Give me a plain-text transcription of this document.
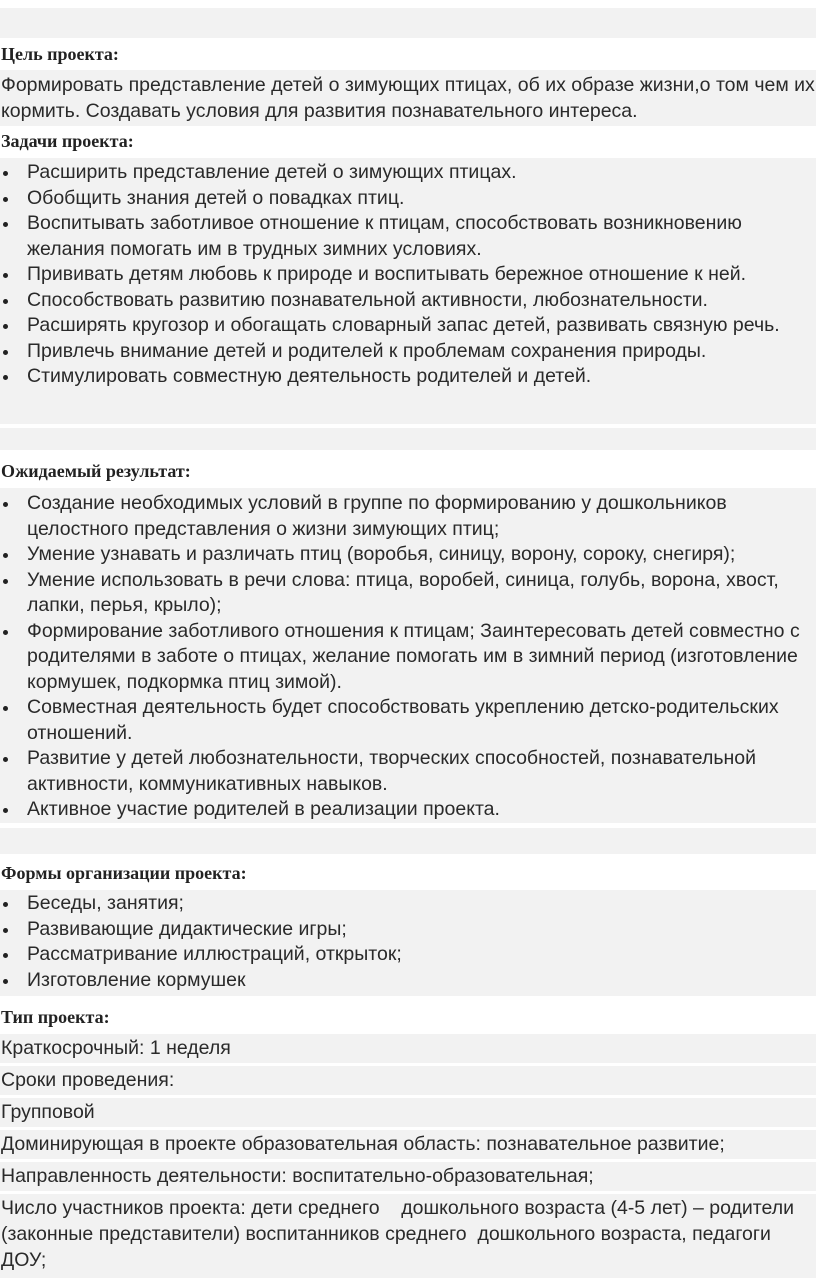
Цель проекта:
Формировать представление детей о зимующих птицах, об их образе жизни,о том чем их кормить. Создавать условия для развития познавательного интереса.
Задачи проекта:
Расширить представление детей о зимующих птицах.
Обобщить знания детей о повадках птиц.
Воспитывать заботливое отношение к птицам, способствовать возникновению желания помогать им в трудных зимних условиях.
Прививать детям любовь к природе и воспитывать бережное отношение к ней.
Способствовать развитию познавательной активности, любознательности.
Расширять кругозор и обогащать словарный запас детей, развивать связную речь.
Привлечь внимание детей и родителей к проблемам сохранения природы.
Стимулировать совместную деятельность родителей и детей.
Ожидаемый результат:
Создание необходимых условий в группе по формированию у дошкольников целостного представления о жизни зимующих птиц;
Умение узнавать и различать птиц (воробья, синицу, ворону, сороку, снегиря);
Умение использовать в речи слова: птица, воробей, синица, голубь, ворона, хвост, лапки, перья, крыло);
Формирование заботливого отношения к птицам; Заинтересовать детей совместно с родителями в заботе о птицах, желание помогать им в зимний период (изготовление кормушек, подкормка птиц зимой).
Совместная деятельность будет способствовать укреплению детско-родительских отношений.
Развитие у детей любознательности, творческих способностей, познавательной активности, коммуникативных навыков.
Активное участие родителей в реализации проекта.
Формы организации проекта:
Беседы, занятия;
Развивающие дидактические игры;
Рассматривание иллюстраций, открыток;
Изготовление кормушек
Тип проекта:
Краткосрочный: 1 неделя
Сроки проведения:
Групповой
Доминирующая в проекте образовательная область: познавательное развитие;
Направленность деятельности: воспитательно-образовательная;
Число участников проекта: дети среднего    дошкольного возраста (4-5 лет) – родители (законные представители) воспитанников среднего  дошкольного возраста, педагоги ДОУ;
